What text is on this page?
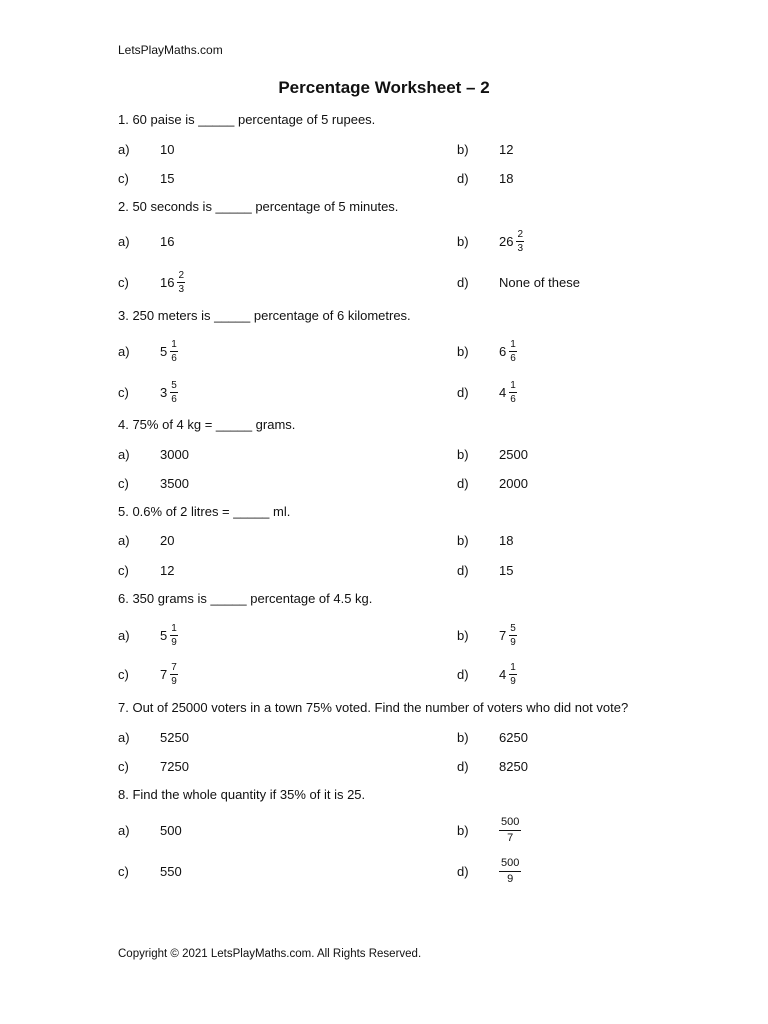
LetsPlayMaths.com
Percentage Worksheet – 2
1. 60 paise is _____ percentage of 5 rupees.
a)	10	b)	12
c)	15	d)	18
2. 50 seconds is _____ percentage of 5 minutes.
a)	16	b)	$26 \frac{2}{3}$
c)	$16 \frac{2}{3}$	d)	None of these
3. 250 meters is _____ percentage of 6 kilometres.
a)	$5 \frac{1}{6}$	b)	$6 \frac{1}{6}$
c)	$3 \frac{5}{6}$	d)	$4 \frac{1}{6}$
4. 75% of 4 kg = _____ grams.
a)	3000	b)	2500
c)	3500	d)	2000
5. 0.6% of 2 litres = _____ ml.
a)	20	b)	18
c)	12	d)	15
6. 350 grams is _____ percentage of 4.5 kg.
a)	$5 \frac{1}{9}$	b)	$7 \frac{5}{9}$
c)	$7 \frac{7}{9}$	d)	$4 \frac{1}{9}$
7. Out of 25000 voters in a town 75% voted. Find the number of voters who did not vote?
a)	5250	b)	6250
c)	7250	d)	8250
8. Find the whole quantity if 35% of it is 25.
a)	500	b)	$\frac{500}{7}$
c)	550	d)	$\frac{500}{9}$
Copyright © 2021 LetsPlayMaths.com. All Rights Reserved.
